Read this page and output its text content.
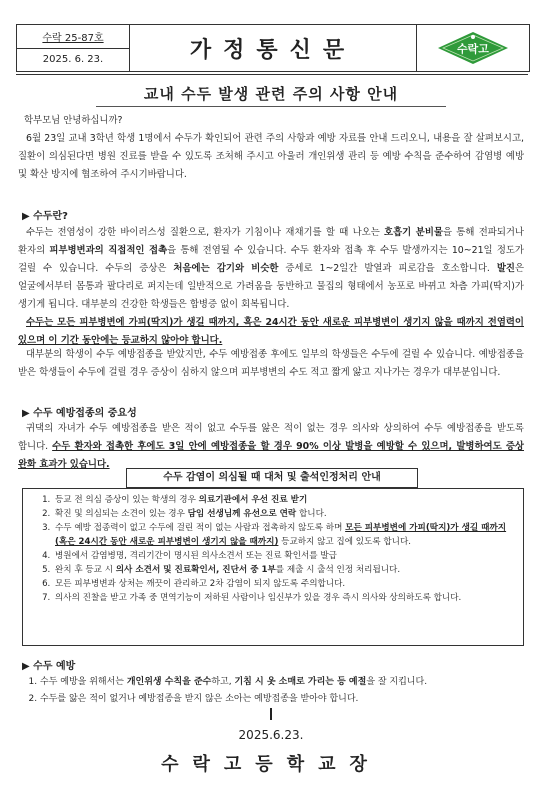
수락 25-87호
2025. 6. 23.	가정통신문	수락고
교내 수두 발생 관련 주의 사항 안내
학부모님 안녕하십니까?
6월 23일 교내 3학년 학생 1명에서 수두가 확인되어 관련 주의 사항과 예방 자료를 안내 드리오니, 내용을 잘 살펴보시고, 질환이 의심된다면 병원 진료를 받을 수 있도록 조처해 주시고 아울러 개인위생 관리 등 예방 수칙을 준수하여 감염병 예방 및 확산 방지에 협조하여 주시기바랍니다.
▶ 수두란?
수두는 전염성이 강한 바이러스성 질환으로, 환자가 기침이나 재채기를 할 때 나오는 호흡기 분비물을 통해 전파되거나 환자의 피부병변과의 직접적인 접촉을 통해 전염될 수 있습니다. 수두 환자와 접촉 후 수두 발생까지는 10~21일 정도가 걸릴 수 있습니다. 수두의 증상은 처음에는 감기와 비슷한 증세로 1~2일간 발열과 피로감을 호소합니다. 발진은 얼굴에서부터 몸통과 팔다리로 퍼지는데 일반적으로 가려움을 동반하고 물집의 형태에서 농포로 바뀌고 차츰 가피(딱지)가 생기게 됩니다. 대부분의 건강한 학생들은 합병증 없이 회복됩니다.
수두는 모든 피부병변에 가피(딱지)가 생길 때까지, 혹은 24시간 동안 새로운 피부병변이 생기지 않을 때까지 전염력이 있으며 이 기간 동안에는 등교하지 않아야 합니다.
대부분의 학생이 수두 예방접종을 받았지만, 수두 예방접종 후에도 일부의 학생들은 수두에 걸릴 수 있습니다. 예방접종을 받은 학생들이 수두에 걸릴 경우 증상이 심하지 않으며 피부병변의 수도 적고 짧게 앓고 지나가는 경우가 대부분입니다.
▶ 수두 예방접종의 중요성
귀댁의 자녀가 수두 예방접종을 받은 적이 없고 수두를 앓은 적이 없는 경우 의사와 상의하여 수두 예방접종을 받도록 합니다. 수두 환자와 접촉한 후에도 3일 안에 예방접종을 할 경우 90% 이상 발병을 예방할 수 있으며, 발병하여도 증상 완화 효과가 있습니다.
수두 감염이 의심될 때 대처 및 출석인정처리 안내
1. 등교 전 의심 증상이 있는 학생의 경우 의료기관에서 우선 진료 받기
2. 확진 및 의심되는 소견이 있는 경우 담임 선생님께 유선으로 연락 합니다.
3. 수두 예방 접종력이 없고 수두에 걸린 적이 없는 사람과 접촉하지 않도록 하며 모든 피부병변에 가피(딱지)가 생길 때까지(혹은 24시간 동안 새로운 피부병변이 생기지 않을 때까지) 등교하지 않고 집에 있도록 합니다.
4. 병원에서 감염병명, 격리기간이 명시된 의사소견서 또는 진료 확인서를 발급
5. 완치 후 등교 시 의사 소견서 및 진료확인서, 진단서 중 1부를 제출 시 출석 인정 처리됩니다.
6. 모든 피부병변과 상처는 깨끗이 관리하고 2차 감염이 되지 않도록 주의합니다.
7. 의사의 진찰을 받고 가족 중 면역기능이 저하된 사람이나 임신부가 있을 경우 즉시 의사와 상의하도록 합니다.
▶ 수두 예방
1. 수두 예방을 위해서는 개인위생 수칙을 준수하고, 기침 시 옷 소매로 가리는 등 예절을 잘 지킵니다.
2. 수두를 앓은 적이 없거나 예방접종을 받지 않은 소아는 예방접종을 받아야 합니다.
2025.6.23.
수락고등학교장
